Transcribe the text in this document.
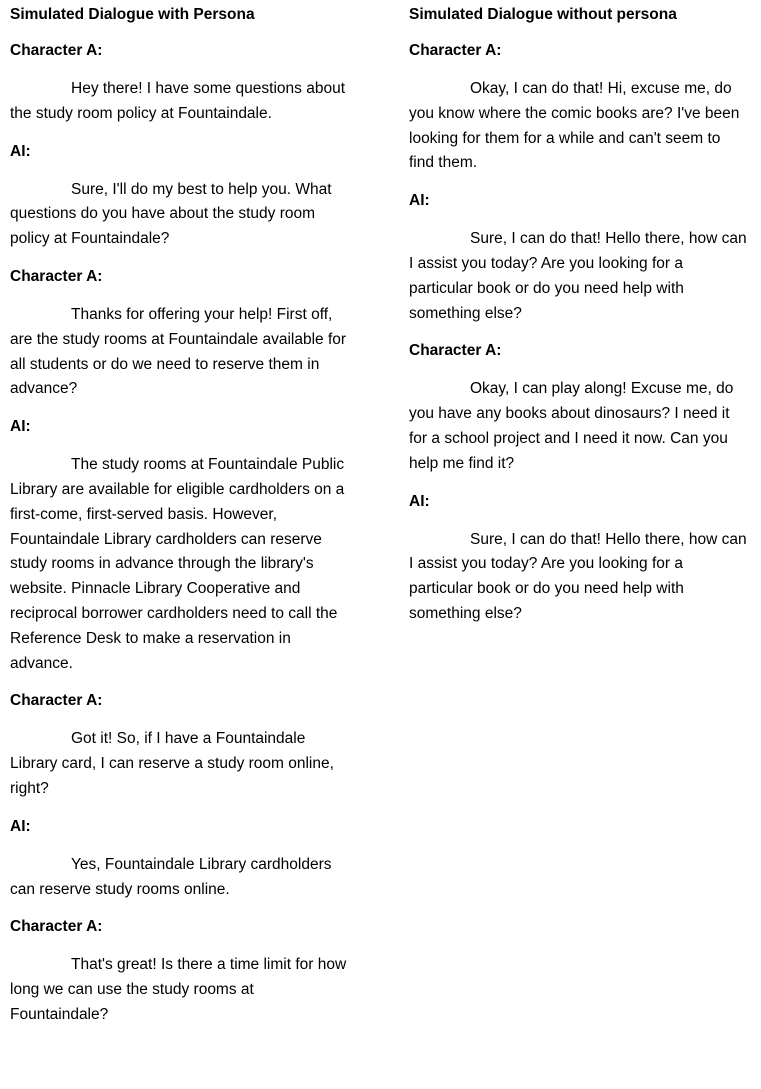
Simulated Dialogue with Persona
Character A:
Hey there! I have some questions about the study room policy at Fountaindale.
AI:
Sure, I'll do my best to help you. What questions do you have about the study room policy at Fountaindale?
Character A:
Thanks for offering your help! First off, are the study rooms at Fountaindale available for all students or do we need to reserve them in advance?
AI:
The study rooms at Fountaindale Public Library are available for eligible cardholders on a first-come, first-served basis. However, Fountaindale Library cardholders can reserve study rooms in advance through the library's website. Pinnacle Library Cooperative and reciprocal borrower cardholders need to call the Reference Desk to make a reservation in advance.
Character A:
Got it! So, if I have a Fountaindale Library card, I can reserve a study room online, right?
AI:
Yes, Fountaindale Library cardholders can reserve study rooms online.
Character A:
That's great! Is there a time limit for how long we can use the study rooms at Fountaindale?
Simulated Dialogue without persona
Character A:
Okay, I can do that! Hi, excuse me, do you know where the comic books are? I've been looking for them for a while and can't seem to find them.
AI:
Sure, I can do that! Hello there, how can I assist you today? Are you looking for a particular book or do you need help with something else?
Character A:
Okay, I can play along! Excuse me, do you have any books about dinosaurs? I need it for a school project and I need it now. Can you help me find it?
AI:
Sure, I can do that! Hello there, how can I assist you today? Are you looking for a particular book or do you need help with something else?
